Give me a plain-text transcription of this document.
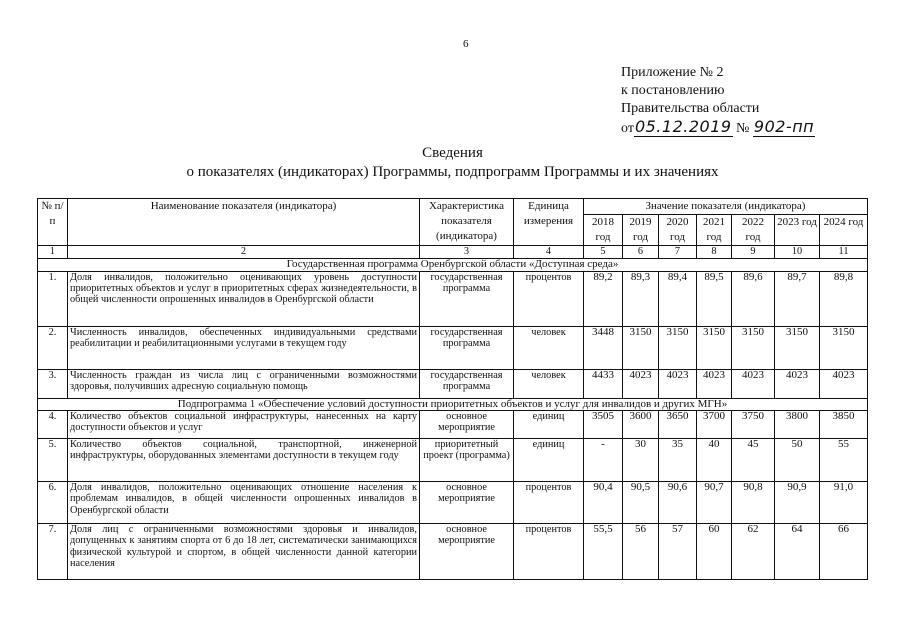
6
Приложение № 2
к постановлению
Правительства области
от05.12.2019 № 902-пп
Сведения
о показателях (индикаторах) Программы, подпрограмм Программы и их значениях
№ п/п	Наименование показателя (индикатора)	Характеристика показателя (индикатора)	Единица измерения	Значение показателя (индикатора)						
				2018 год	2019 год	2020 год	2021 год	2022 год	2023 год	2024 год
1	2	3	4	5	6	7	8	9	10	11
Государственная программа Оренбургской области «Доступная среда»										
1.	Доля инвалидов, положительно оценивающих уровень доступности приоритетных объектов и услуг в приоритетных сферах жизнедеятельности, в общей численности опрошенных инвалидов в Оренбургской области	государственная программа	процентов	89,2	89,3	89,4	89,5	89,6	89,7	89,8
2.	Численность инвалидов, обеспеченных индивидуальными средствами реабилитации и реабилитационными услугами в текущем году	государственная программа	человек	3448	3150	3150	3150	3150	3150	3150
3.	Численность граждан из числа лиц с ограниченными возможностями здоровья, получивших адресную социальную помощь	государственная программа	человек	4433	4023	4023	4023	4023	4023	4023
Подпрограмма 1 «Обеспечение условий доступности приоритетных объектов и услуг для инвалидов и других МГН»										
4.	Количество объектов социальной инфраструктуры, нанесенных на карту доступности объектов и услуг	основное мероприятие	единиц	3505	3600	3650	3700	3750	3800	3850
5.	Количество объектов социальной, транспортной, инженерной инфраструктуры, оборудованных элементами доступности в текущем году	приоритетный проект (программа)	единиц	-	30	35	40	45	50	55
6.	Доля инвалидов, положительно оценивающих отношение населения к проблемам инвалидов, в общей численности опрошенных инвалидов в Оренбургской области	основное мероприятие	процентов	90,4	90,5	90,6	90,7	90,8	90,9	91,0
7.	Доля лиц с ограниченными возможностями здоровья и инвалидов, допущенных к занятиям спорта от 6 до 18 лет, систематически занимающихся физической культурой и спортом, в общей численности данной категории населения	основное мероприятие	процентов	55,5	56	57	60	62	64	66
